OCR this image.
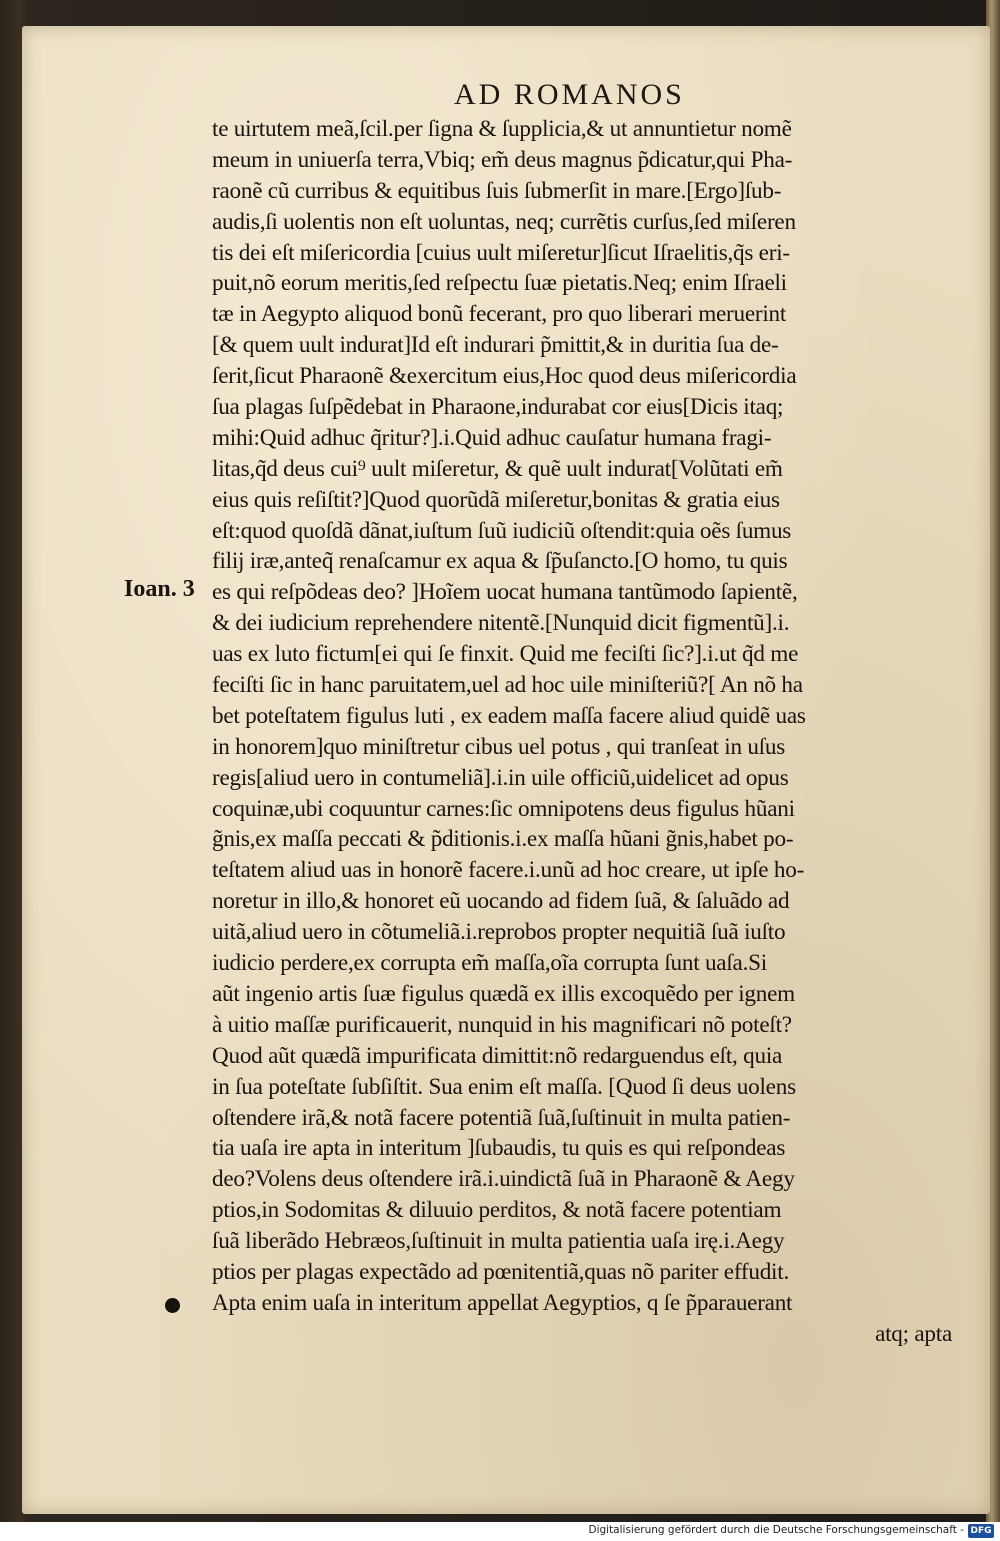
AD ROMANOS
Ioan. 3
te uirtutem meã,ſcil.per ſigna & ſupplicia,& ut annuntietur nomẽ
meum in uniuerſa terra,Vbiq; em̃ deus magnus p̃dicatur,qui Pha-
raonẽ cũ curribus & equitibus ſuis ſubmerſit in mare.[Ergo]ſub-
audis,ſi uolentis non eſt uoluntas, neq; currẽtis curſus,ſed miſeren
tis dei eſt miſericordia [cuius uult miſeretur]ſicut Iſraelitis,q̃s eri-
puit,nõ eorum meritis,ſed reſpectu ſuæ pietatis.Neq; enim Iſraeli
tæ in Aegypto aliquod bonũ fecerant, pro quo liberari meruerint
[& quem uult indurat]Id eſt indurari p̃mittit,& in duritia ſua de-
ſerit,ſicut Pharaonẽ &exercitum eius,Hoc quod deus miſericordia
ſua plagas ſuſpẽdebat in Pharaone,indurabat cor eius[Dicis itaq;
mihi:Quid adhuc q̃ritur?].i.Quid adhuc cauſatur humana fragi-
litas,q̃d deus cui⁹ uult miſeretur, & quẽ uult indurat[Volũtati em̃
eius quis reſiſtit?]Quod quorũdã miſeretur,bonitas & gratia eius
eſt:quod quoſdã dãnat,iuſtum ſuũ iudiciũ oſtendit:quia oẽs ſumus
filij iræ,anteq̃ renaſcamur ex aqua & ſp̃uſancto.[O homo, tu quis
es qui reſpõdeas deo? ]Hoĩem uocat humana tantũmodo ſapientẽ,
& dei iudicium reprehendere nitentẽ.[Nunquid dicit figmentũ].i.
uas ex luto fictum[ei qui ſe finxit. Quid me feciſti ſic?].i.ut q̃d me
feciſti ſic in hanc paruitatem,uel ad hoc uile miniſteriũ?[ An nõ ha
bet poteſtatem figulus luti , ex eadem maſſa facere aliud quidẽ uas
in honorem]quo miniſtretur cibus uel potus , qui tranſeat in uſus
regis[aliud uero in contumeliã].i.in uile officiũ,uidelicet ad opus
coquinæ,ubi coquuntur carnes:ſic omnipotens deus figulus hũani
g̃nis,ex maſſa peccati & p̃ditionis.i.ex maſſa hũani g̃nis,habet po-
teſtatem aliud uas in honorẽ facere.i.unũ ad hoc creare, ut ipſe ho-
noretur in illo,& honoret eũ uocando ad fidem ſuã, & ſaluãdo ad
uitã,aliud uero in cõtumeliã.i.reprobos propter nequitiã ſuã iuſto
iudicio perdere,ex corrupta em̃ maſſa,oĩa corrupta ſunt uaſa.Si
aũt ingenio artis ſuæ figulus quædã ex illis excoquẽdo per ignem
à uitio maſſæ purificauerit, nunquid in his magnificari nõ poteſt?
Quod aũt quædã impurificata dimittit:nõ redarguendus eſt, quia
in ſua poteſtate ſubſiſtit. Sua enim eſt maſſa. [Quod ſi deus uolens
oſtendere irã,& notã facere potentiã ſuã,ſuſtinuit in multa patien-
tia uaſa ire apta in interitum ]ſubaudis, tu quis es qui reſpondeas
deo?Volens deus oſtendere irã.i.uindictã ſuã in Pharaonẽ & Aegy
ptios,in Sodomitas & diluuio perditos, & notã facere potentiam
ſuã liberãdo Hebræos,ſuſtinuit in multa patientia uaſa irę.i.Aegy
ptios per plagas expectãdo ad pœnitentiã,quas nõ pariter effudit.
Apta enim uaſa in interitum appellat Aegyptios, q ſe p̃parauerant
atq; apta
Digitalisierung gefördert durch die Deutsche Forschungsgemeinschaft - DFG
